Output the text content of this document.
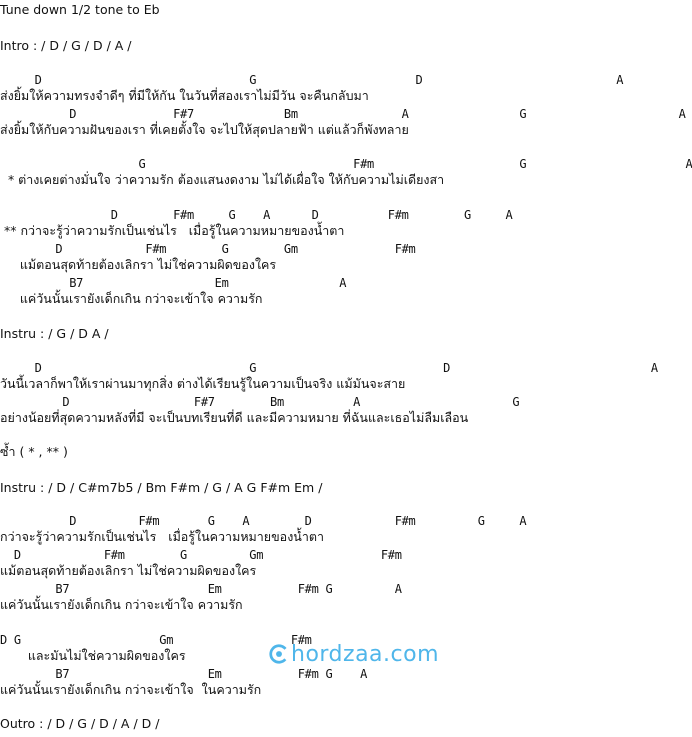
Tune down 1/2 tone to Eb
Intro : / D / G / D / A /
D                              G                       D                            A
ส่งยิ้มให้ความทรงจำดีๆ ที่มีให้กัน ในวันที่สองเราไม่มีวัน จะคืนกลับมา
D              F#7             Bm               A                G                      A
ส่งยิ้มให้กับความฝันของเรา ที่เคยตั้งใจ จะไปให้สุดปลายฟ้า แต่แล้วก็พังทลาย
G                              F#m                     G                       A
* ต่างเคยต่างมั่นใจ ว่าความรัก ต้องแสนงดงาม ไม่ได้เผื่อใจ ให้กับความไม่เดียงสา
D        F#m     G    A      D          F#m        G     A
** กว่าจะรู้ว่าความรักเป็นเช่นไร   เมื่อรู้ในความหมายของน้ำตา
D            F#m        G        Gm              F#m
แม้ตอนสุดท้ายต้องเลิกรา ไม่ใช่ความผิดของใคร
B7                   Em                A
แค่วันนั้นเรายังเด็กเกิน กว่าจะเข้าใจ ความรัก
Instru : / G / D A /
D                              G                           D                             A
วันนี้เวลาก็พาให้เราผ่านมาทุกสิ่ง ต่างได้เรียนรู้ในความเป็นจริง แม้มันจะสาย
D                  F#7        Bm          A                      G
อย่างน้อยที่สุดความหลังที่มี จะเป็นบทเรียนที่ดี และมีความหมาย ที่ฉันและเธอไม่ลืมเลือน
ซ้ำ ( * , ** )
Instru : / D / C#m7b5 / Bm F#m / G / A G F#m Em /
D         F#m       G    A        D            F#m         G     A
กว่าจะรู้ว่าความรักเป็นเช่นไร   เมื่อรู้ในความหมายของน้ำตา
D            F#m        G         Gm                 F#m
แม้ตอนสุดท้ายต้องเลิกรา ไม่ใช่ความผิดของใคร
B7                    Em           F#m G         A
แค่วันนั้นเรายังเด็กเกิน กว่าจะเข้าใจ ความรัก
D G                    Gm                 F#m
และมันไม่ใช่ความผิดของใคร
B7                    Em           F#m G    A
แค่วันนั้นเรายังเด็กเกิน กว่าจะเข้าใจ  ในความรัก
Outro : / D / G / D / A / D /
hordzaa.com
